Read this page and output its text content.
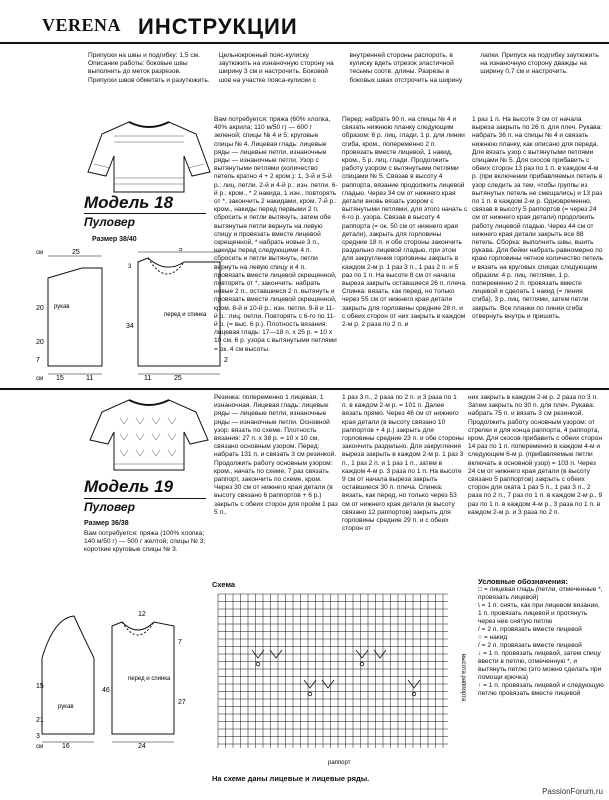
VERENA ИНСТРУКЦИИ

Припуски на швы и подгибку: 1,5 см. Описание работы: боковые швы выполнить до меток разрезов. Припуски швов обметать и разутюжить. Цельнокроеный пояс-кулиску заутюжить на изнаночную сторону на ширину 3 см и настрочить. Боковой шов на участке пояса-кулиски с внутренней стороны распороть, в кулиску вдеть отрезок эластичной тесьмы соотв. длины. Разрезы в боковых швах отстрочить на ширину лапки. Припуск на подгибку заутюжить на изнаночную сторону дважды на ширину 0,7 см и настрочить.

Модель 18
Пуловер
Размер 38/40
см	25	5
3
рукав
перед и спинка
20
20
34
7	2
см 15	11	11	25

Вам потребуется: пряжа (60% хлопка, 40% акрила; 110 м/50 г) — 600 г зеленой; спицы № 4 и 5; круговые спицы № 4. Лицевая гладь: лицевые ряды — лицевые петли, изнаночные ряды — изнаночные петли. Узор с вытянутыми петлями (количество петель кратно 4 + 2 кром.): 1, 3-й и 5-й р.: лиц. петли. 2-й и 4-й р.: изн. петли. 6-й р.: кром., * 2 накида, 1 изн., повторять от *, закончить 2 накидами, кром. 7-й р.: кром., накиды перед первыми 2 п. сбросить и петли вытянуть, затем обе вытянутые петли вернуть на левую спицу и провязать вместе лицевой скрещенной, * набрать новые 3 п., накиды перед следующими 4 п. сбросить и петли вытянуть, петли вернуть на левую спицу и 4 п. провязать вместе лицевой скрещенной, повторять от *, закончить: набрать новые 2 п., оставшиеся 2 п. вытянуть и провязать вместе лицевой скрещенной, кром. 8-й и 10-й р.: изн. петли. 9-й и 11-й р.: лиц. петли. Повторять с 6-го по 11-й р. (= выс. 6 р.). Плотность вязания: лицевая гладь: 17—18 п. х 25 р. = 10 х 10 см, 6 р. узора с вытянутыми петлями = ок. 4 см высоты.

Перед: набрать 90 п. на спицы № 4 и связать нижнюю планку следующим образом: 6 р. лиц. глади, 1 р. для линии сгиба, кром., попеременно 2 п. провязать вместе лицевой, 1 накид, кром., 5 р. лиц. глади. Продолжить работу узором с вытянутыми петлями спицами № 5. Связав в высоту 4 раппорта, вязание продолжить лицевой гладью. Через 34 см от нижнего края детали вновь вязать узором с вытянутыми петлями, для этого начать с 6-го р. узора. Связав в высоту 4 раппорта (= ок. 50 см от нижнего края детали), закрыть для горловины средние 18 п. и обе стороны закончить раздельно лицевой гладью, при этом для закругления горловины закрыть в каждом 2-м р. 1 раз 3 п., 1 раз 2 п. и 5 раз по 1 п. На высоте 8 см от начала выреза закрыть оставшиеся 26 п. плеча. Спинка: вязать, как перед, но только через 55 см от нижнего края детали закрыть для горловины средние 28 п. и с обеих сторон от них закрыть в каждом 2-м р. 2 раза по 2 п. и

1 раз 1 п. На высоте 3 см от начала выреза закрыть по 26 п. для плеч. Рукава: набрать 36 п. на спицы № 4 и связать нижнюю планку, как описано для переда. Для вязать узор с вытянутыми петлями спицами № 5. Для скосов прибавить с обеих сторон 13 раз по 1 п. в каждом 4-м р. (при включении прибавляемых петель в узор следить за тем, чтобы группы из вытянутых петель не смещались) и 13 раз по 1 п. в каждом 2-м р. Одновременно, связав в высоту 5 раппортов (= через 24 см от нижнего края детали) продолжить работу лицевой гладью. Через 44 см от нижнего края детали закрыть все 88 петель. Сборка: выполнить швы, вшить рукава. Для бейки набрать равномерно по краю горловины четное количество петель и вязать на круговых спицах следующим образом: 4 р. лиц. петлями, 1 р. попеременно 2 п. провязать вместе лицевой и сделать 1 накид (= линия сгиба), 3 р. лиц. петлями, затем петли закрыть. Все планки по линии сгиба отвернуть внутрь и пришить.

Модель 19
Пуловер
Размер 36/38

Вам потребуется: пряжа (100% хлопка; 140 м/50 г) — 500 г желтой; спицы № 3; короткие круговые спицы № 3.

Резинка: попеременно 1 лицевая, 1 изнаночная. Лицевая гладь: лицевые ряды — лицевые петли, изнаночные ряды — изнаночные петли. Основной узор: вязать по схеме. Плотность вязания: 27 п. х 38 р. = 10 х 10 см, связано основным узором. Перед: набрать 131 п. и связать 3 см резинкой. Продолжить работу основным узором: кром., начать по схеме, 7 раз связать раппорт, закончить по схеме, кром. Через 30 см от нижнего края детали (в высоту связано 6 раппортов + 6 р.) закрыть с обеих сторон для пройм 1 раз 5 п.,

1 раз 3 п., 2 раза по 2 п. и 3 раза по 1 п. в каждом 2-м р. = 101 п. Далее вязать прямо. Через 46 см от нижнего края детали (в высоту связано 10 раппортов + 4 р.) закрыть для горловины средние 23 п. и обе стороны закончить раздельно. Для закругления выреза закрыть в каждом 2-м р. 1 раз 3 п., 1 раз 2 п. и 1 раз 1 п., затем в каждом 4-м р. 3 раза по 1 п. На высоте 9 см от начала выреза закрыть оставшиеся 30 п. плеча. Спинка: вязать, как перед, но только через 53 см от нижнего края детали (в высоту связано 12 раппортов) закрыть для горловины средние 29 п. и с обеих сторон от

них закрыть в каждом 2-м р. 2 раза по 3 п. Затем закрыть по 30 п. для плеч. Рукава: набрать 75 п. и вязать 3 см резинкой. Продолжить работу основным узором: от стрелки и для конца раппорта, 4 раппорта, кром. Для скосов прибавить с обеих сторон 14 раз по 1 п. попеременно в каждом 4-м и следующем 6-м р. (прибавляемые петли включать в основной узор) = 103 п. Через 24 см от нижнего края детали (в высоту связано 5 раппортов) закрыть с обеих сторон для оката 1 раз 5 п., 1 раз 3 п., 2 раза по 2 п., 7 раз по 1 п. в каждом 2-м р., 9 раз по 1 п. в каждом 4-м р., 3 раза по 1 п. в каждом 2-м р. и 3 раза по 2 п.

15
рукав
перед и спинка
46
27
7
21
3
12
см	16	24
Схема
высота раппорта
раппорт
На схеме даны лицевые и лицевые ряды.
Условные обозначения:
□ = лицевая гладь (петли, отмеченные *, провязать лицевой)
\ = 1 п. снять, как при лицевом вязании, 1 п. провязать лицевой и протянуть через нее снятую петлю
/ = 2 п. провязать вместе лицевой
○ = накид
/ = 2 п. провязать вместе лицевой
↓ = 1 п. провязать лицевой, затем спицу ввести в петлю, отмеченную *, и вытянуть петлю (это можно сделать при помощи крючка)
↑ = 1 п. провязать лицевой и следующую петлю провязать вместе лицевой
PassionForum.ru
